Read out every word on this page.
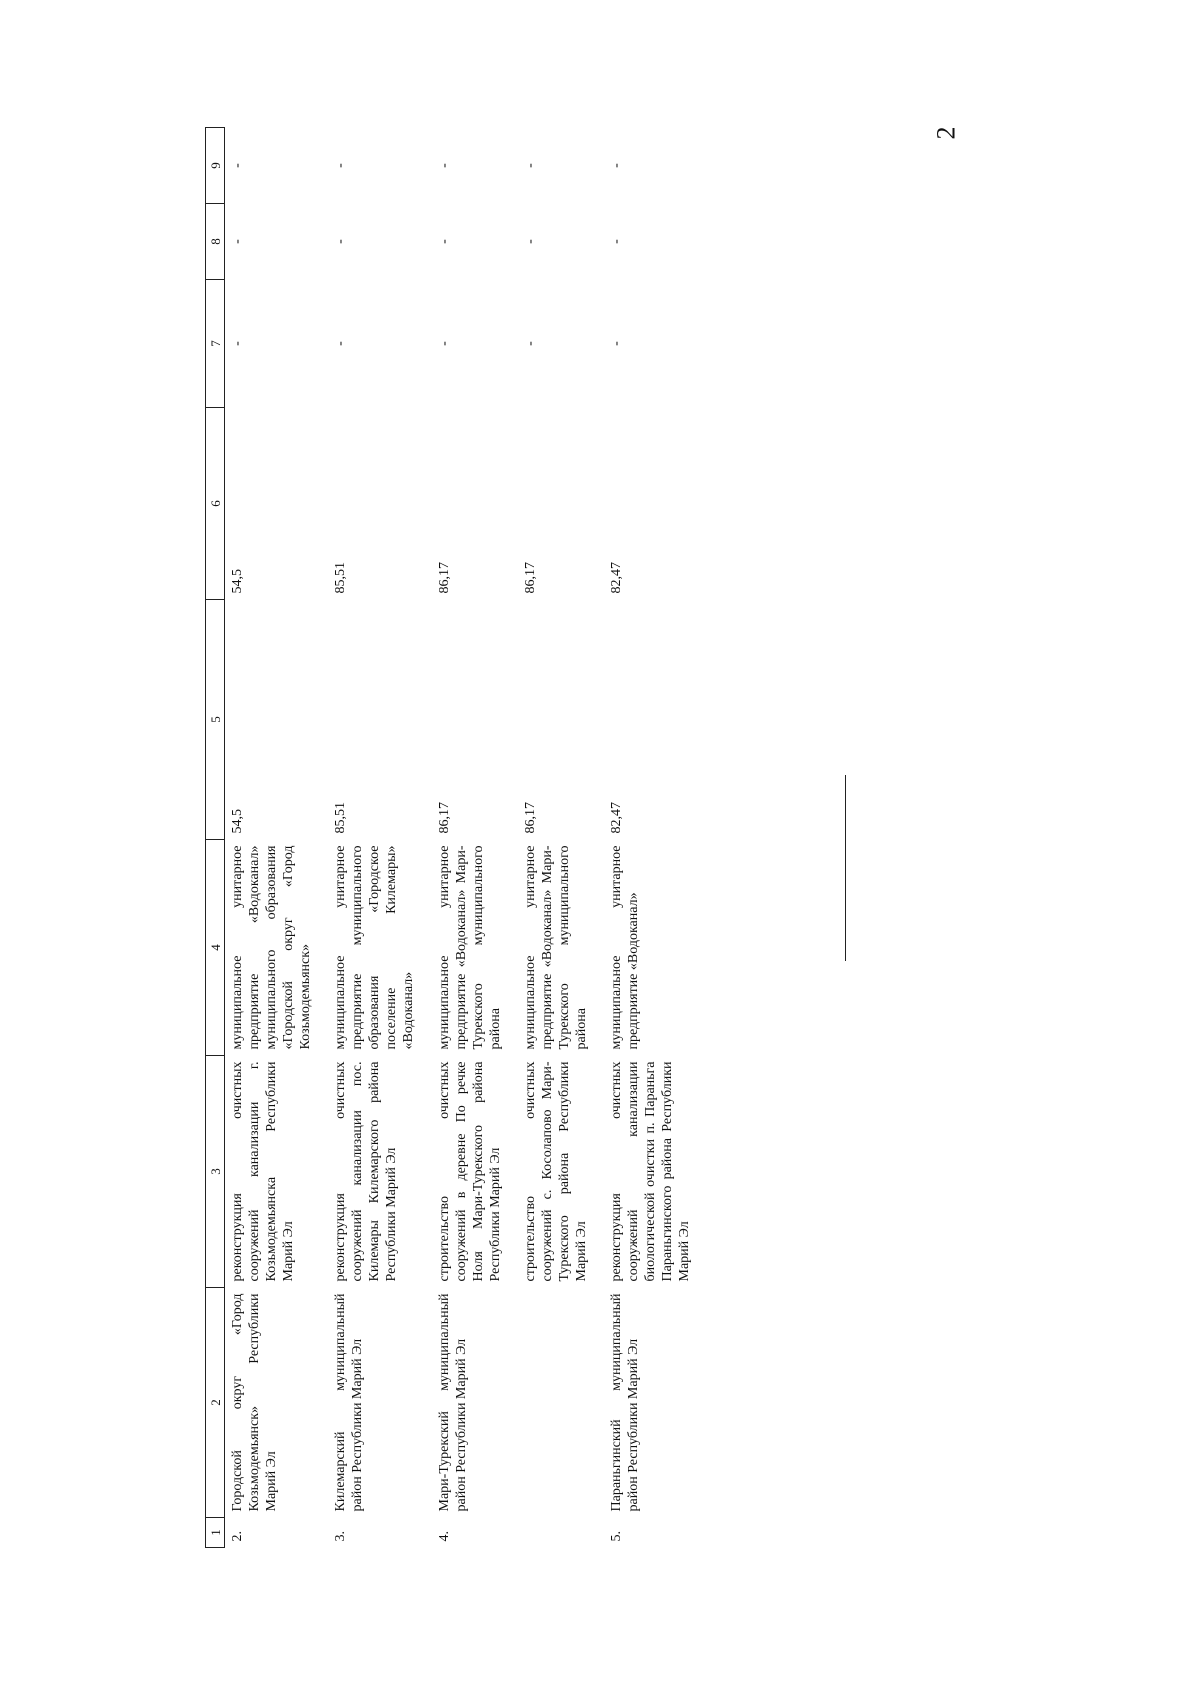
2
1	2	3	4	5	6	7	8	9
2.	Городской округ «Город Козьмодемьянск» Республики Марий Эл	реконструкция очистных сооружений канализации г. Козьмодемьянска Республики Марий Эл	муниципальное унитарное предприятие «Водоканал» муниципального образования «Городской округ «Город Козьмодемьянск»	54,5	54,5	-	-	-
3.	Килемарский муниципальный район Республики Марий Эл	реконструкция очистных сооружений канализации пос. Килемары Килемарского района Республики Марий Эл	муниципальное унитарное предприятие муниципального образования «Городское поселение Килемары» «Водоканал»	85,51	85,51	-	-	-
4.	Мари-Турекский муниципальный район Республики Марий Эл	строительство очистных сооружений в деревне По речке Ноля Мари-Турекского района Республики Марий Эл	муниципальное унитарное предприятие «Водоканал» Мари-Турекского муниципального района	86,17	86,17	-	-	-
		строительство очистных сооружений с. Косолапово Мари-Турекского района Республики Марий Эл	муниципальное унитарное предприятие «Водоканал» Мари-Турекского муниципального района	86,17	86,17	-	-	-
5.	Параньгинский муниципальный район Республики Марий Эл	реконструкция очистных сооружений канализации биологической очистки п. Параньга Параньгинского района Республики Марий Эл	муниципальное унитарное предприятие «Водоканал»	82,47	82,47	-	-	-
